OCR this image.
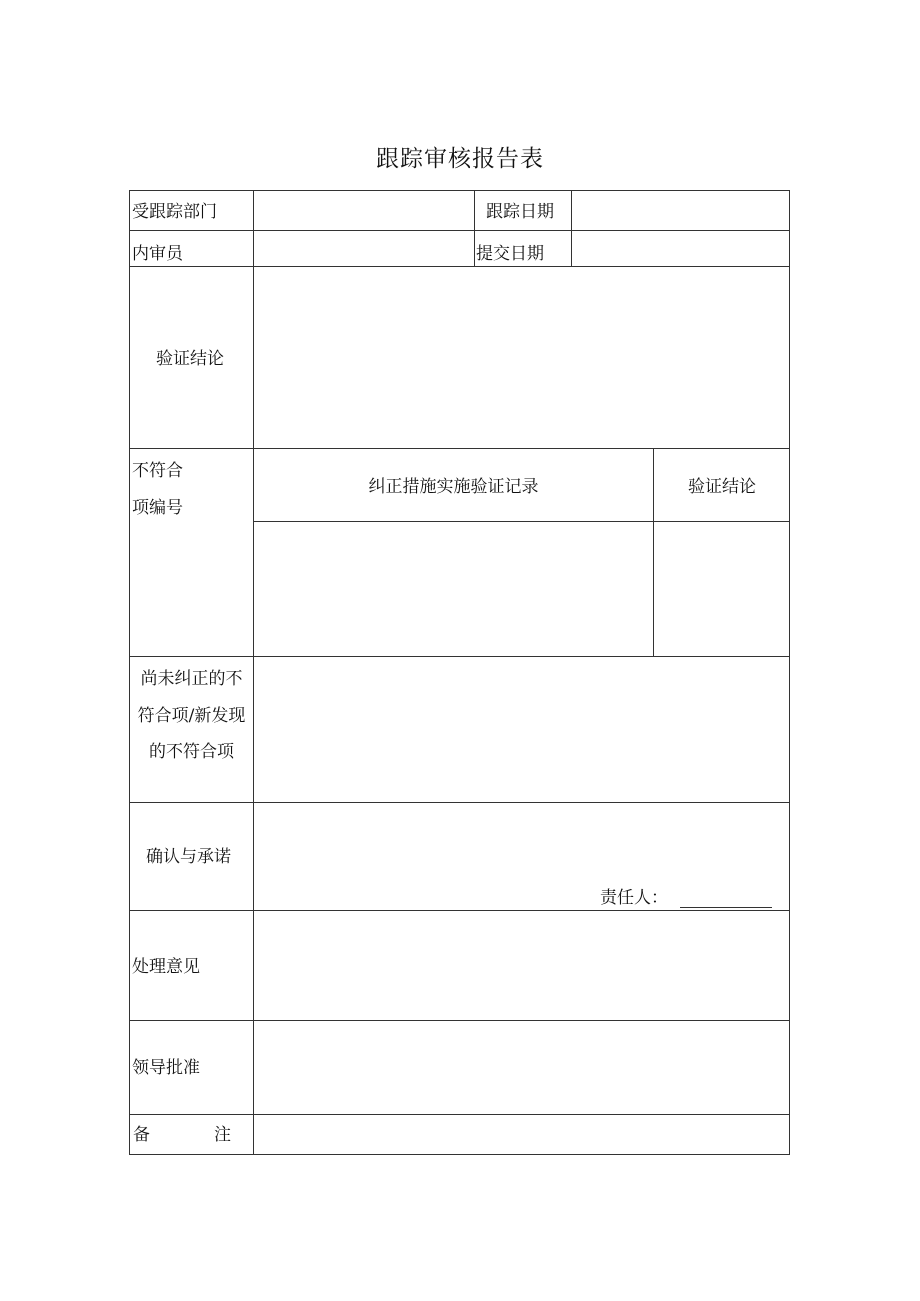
跟踪审核报告表
受跟踪部门	跟踪日期
内审员	提交日期
验证结论
不符合
项编号
纠正措施实施验证记录	验证结论
尚未纠正的不
符合项/新发现
的不符合项
确认与承诺
责任人：
处理意见
领导批准
备	注
